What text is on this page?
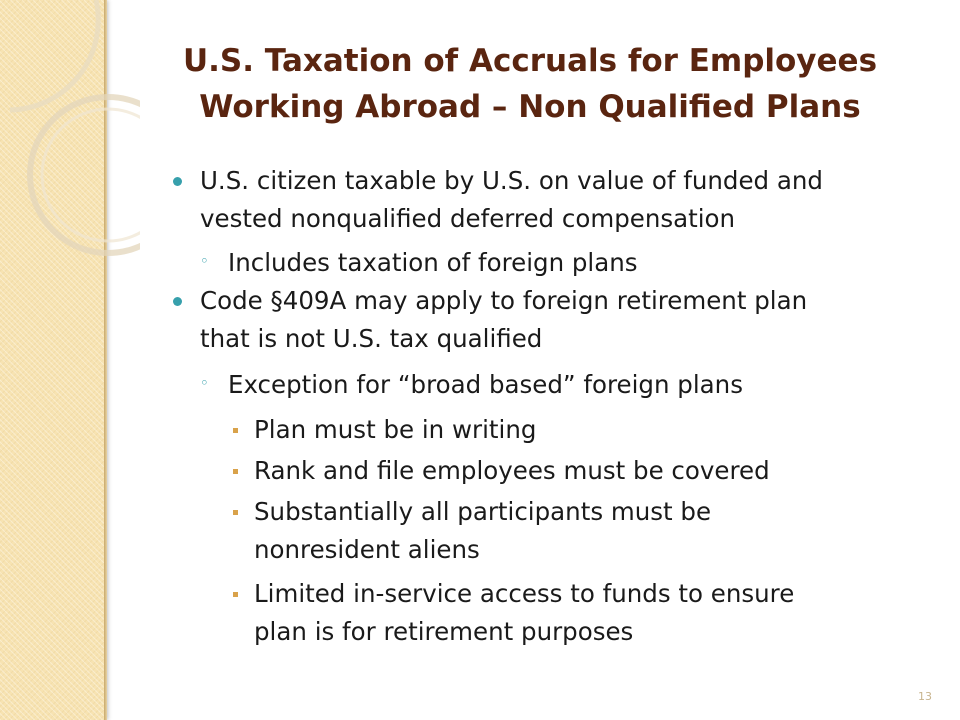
U.S. Taxation of Accruals for Employees
Working Abroad – Non Qualified Plans
U.S. citizen taxable by U.S. on value of funded and
vested nonqualified deferred compensation
◦ Includes taxation of foreign plans
Code §409A may apply to foreign retirement plan
that is not U.S. tax qualified
◦ Exception for “broad based” foreign plans
Plan must be in writing
Rank and file employees must be covered
Substantially all participants must be
nonresident aliens
Limited in-service access to funds to ensure
plan is for retirement purposes
13
